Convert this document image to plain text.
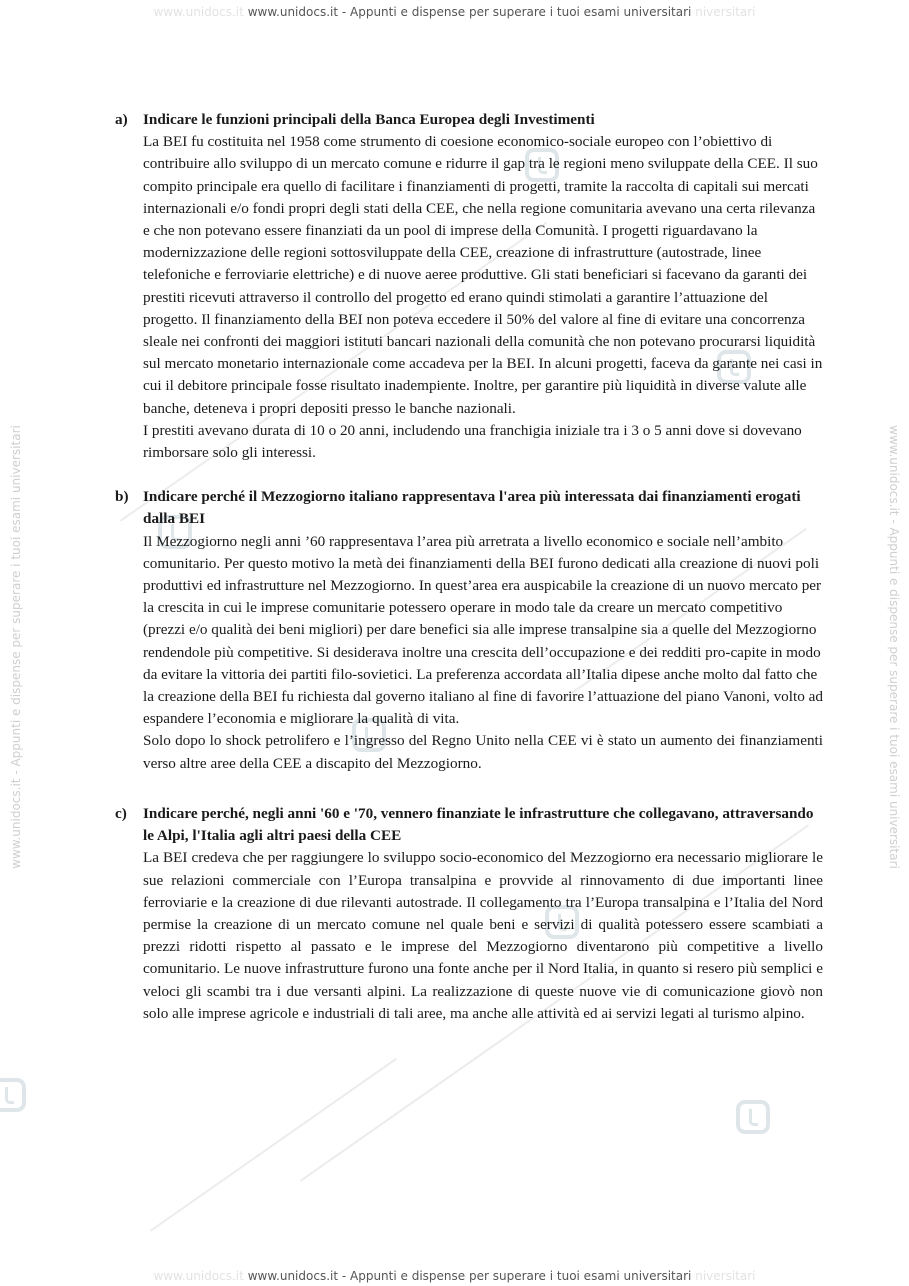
www.unidocs.it www.unidocs.it - Appunti e dispense per superare i tuoi esami universitari niversitari
www.unidocs.it - Appunti e dispense per superare i tuoi esami universitari	www.unidocs.it - Appunti e dispense per superare i tuoi esami universitari
a)	Indicare le funzioni principali della Banca Europea degli Investimenti

La BEI fu costituita nel 1958 come strumento di coesione economico-sociale europeo con l’obiettivo di contribuire allo sviluppo di un mercato comune e ridurre il gap tra le regioni meno sviluppate della CEE. Il suo compito principale era quello di facilitare i finanziamenti di progetti, tramite la raccolta di capitali sui mercati internazionali e/o fondi propri degli stati della CEE, che nella regione comunitaria avevano una certa rilevanza e che non potevano essere finanziati da un pool di imprese della Comunità. I progetti riguardavano la modernizzazione delle regioni sottosviluppate della CEE, creazione di infrastrutture (autostrade, linee telefoniche e ferroviarie elettriche) e di nuove aeree produttive. Gli stati beneficiari si facevano da garanti dei prestiti ricevuti attraverso il controllo del progetto ed erano quindi stimolati a garantire l’attuazione del progetto. Il finanziamento della BEI non poteva eccedere il 50% del valore al fine di evitare una concorrenza sleale nei confronti dei maggiori istituti bancari nazionali della comunità che non potevano procurarsi liquidità sul mercato monetario internazionale come accadeva per la BEI. In alcuni progetti, faceva da garante nei casi in cui il debitore principale fosse risultato inadempiente. Inoltre, per garantire più liquidità in diverse valute alle banche, deteneva i propri depositi presso le banche nazionali.

I prestiti avevano durata di 10 o 20 anni, includendo una franchigia iniziale tra i 3 o 5 anni dove si dovevano rimborsare solo gli interessi.

b) Indicare perché il Mezzogiorno italiano rappresentava l'area più interessata dai finanziamenti erogati dalla BEI

Il Mezzogiorno negli anni ’60 rappresentava l’area più arretrata a livello economico e sociale nell’ambito comunitario. Per questo motivo la metà dei finanziamenti della BEI furono dedicati alla creazione di nuovi poli produttivi ed infrastrutture nel Mezzogiorno. In quest’area era auspicabile la creazione di un nuovo mercato per la crescita in cui le imprese comunitarie potessero operare in modo tale da creare un mercato competitivo (prezzi e/o qualità dei beni migliori) per dare benefici sia alle imprese transalpine sia a quelle del Mezzogiorno rendendole più competitive. Si desiderava inoltre una crescita dell’occupazione e dei redditi pro-capite in modo da evitare la vittoria dei partiti filo-sovietici. La preferenza accordata all’Italia dipese anche molto dal fatto che la creazione della BEI fu richiesta dal governo italiano al fine di favorire l’attuazione del piano Vanoni, volto ad espandere l’economia e migliorare la qualità di vita.

Solo dopo lo shock petrolifero e l’ingresso del Regno Unito nella CEE vi è stato un aumento dei finanziamenti verso altre aree della CEE a discapito del Mezzogiorno.

c)	Indicare perché, negli anni '60 e '70, vennero finanziate le infrastrutture che collegavano, attraversando le Alpi, l'Italia agli altri paesi della CEE

La BEI credeva che per raggiungere lo sviluppo socio-economico del Mezzogiorno era necessario migliorare le sue relazioni commerciale con l’Europa transalpina e provvide al rinnovamento di due importanti linee ferroviarie e la creazione di due rilevanti autostrade. Il collegamento tra l’Europa transalpina e l’Italia del Nord permise la creazione di un mercato comune nel quale beni e servizi di qualità potessero essere scambiati a prezzi ridotti rispetto al passato e le imprese del Mezzogiorno diventarono più competitive a livello comunitario. Le nuove infrastrutture furono una fonte anche per il Nord Italia, in quanto si resero più semplici e veloci gli scambi tra i due versanti alpini. La realizzazione di queste nuove vie di comunicazione giovò non solo alle imprese agricole e industriali di tali aree, ma anche alle attività ed ai servizi legati al turismo alpino.

www.unidocs.it www.unidocs.it - Appunti e dispense per superare i tuoi esami universitari niversitari
